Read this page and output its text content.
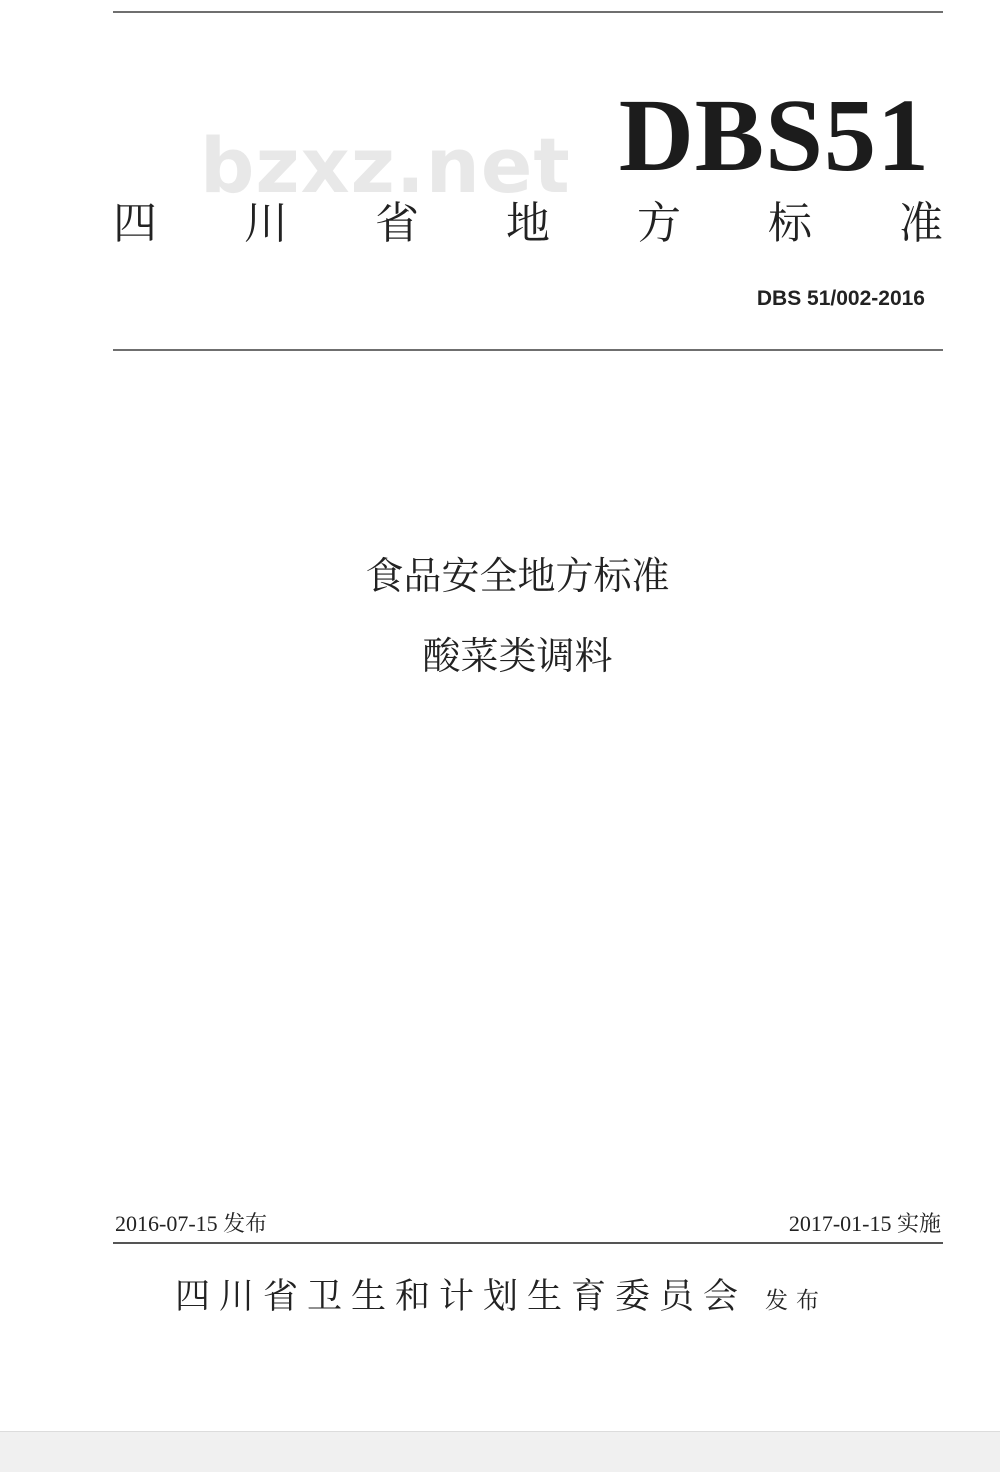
bzxz.net DBS51
四 川 省 地 方 标 准
DBS 51/002-2016
食品安全地方标准
酸菜类调料
2016-07-15 发布	2017-01-15 实施
四川省卫生和计划生育委员会 发布
